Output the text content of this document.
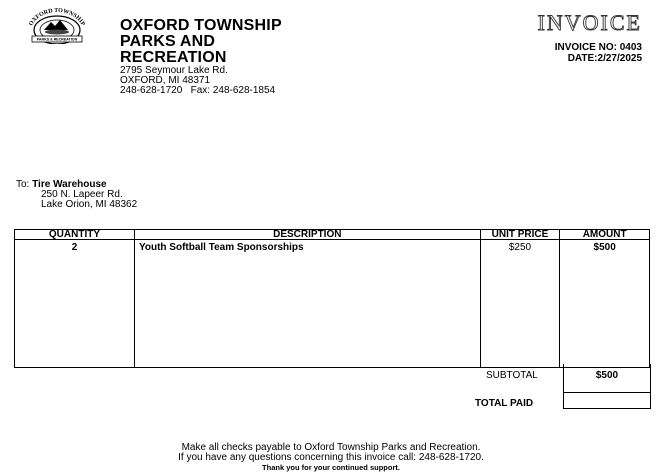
OXFORD TOWNSHIP
PARKS & RECREATION
OXFORD TOWNSHIP
PARKS AND
RECREATION
2795 Seymour Lake Rd.
OXFORD, MI 48371
248-628-1720   Fax: 248-628-1854
INVOICE
INVOICE NO: 0403
DATE:2/27/2025
To: Tire Warehouse
250 N. Lapeer Rd.
Lake Orion, MI 48362
QUANTITY	DESCRIPTION	UNIT PRICE	AMOUNT
2	Youth Softball Team Sponsorships	$250	$500
SUBTOTAL	$500
TOTAL PAID
Make all checks payable to Oxford Township Parks and Recreation.
If you have any questions concerning this invoice call: 248-628-1720.
Thank you for your continued support.
